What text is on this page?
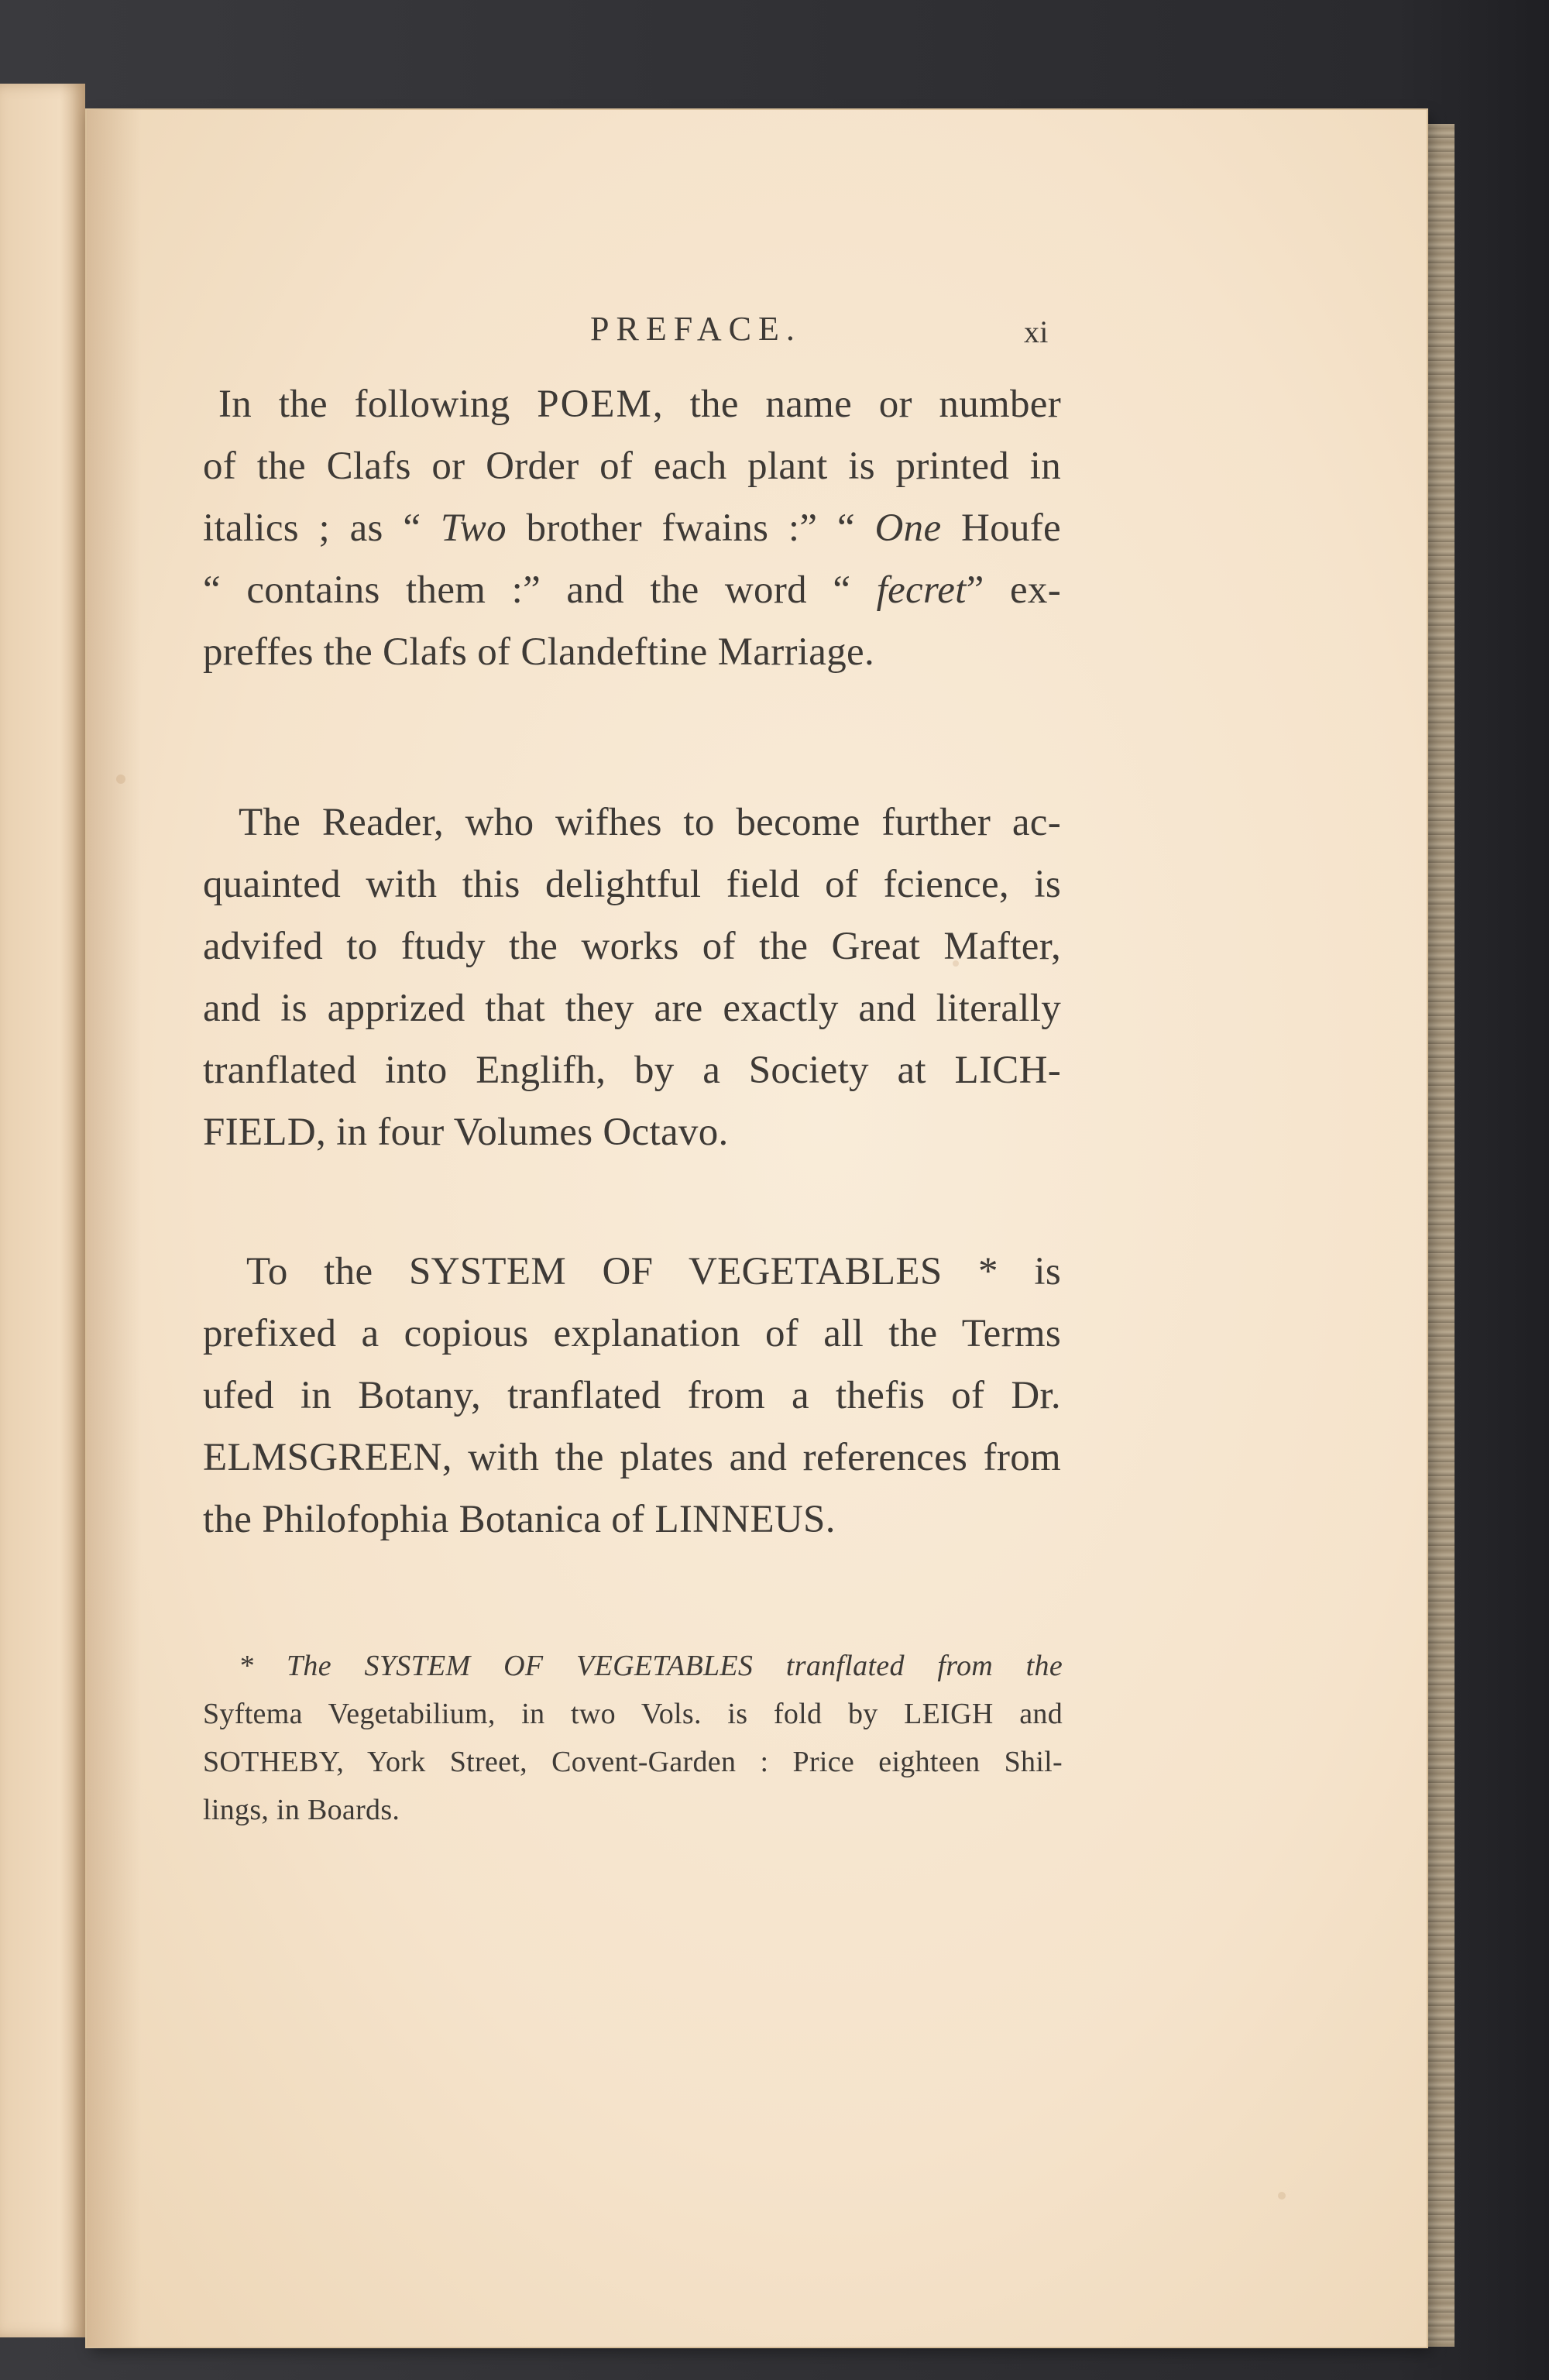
PREFACE.	xi
In the following POEM, the name or number
of the Clafs or Order of each plant is printed in
italics ; as “ Two brother fwains :” “ One Houfe
“ contains them :” and the word “ fecret” ex-
preffes the Clafs of Clandeftine Marriage.
The Reader, who wifhes to become further ac-
quainted with this delightful field of fcience, is
advifed to ftudy the works of the Great Mafter,
and is apprized that they are exactly and literally
tranflated into Englifh, by a Society at LICH-
FIELD, in four Volumes Octavo.
To the SYSTEM OF VEGETABLES * is
prefixed a copious explanation of all the Terms
ufed in Botany, tranflated from a thefis of Dr.
ELMSGREEN, with the plates and references from
the Philofophia Botanica of LINNEUS.
* The SYSTEM OF VEGETABLES tranflated from the
Syftema Vegetabilium, in two Vols. is fold by LEIGH and
SOTHEBY, York Street, Covent-Garden : Price eighteen Shil-
lings, in Boards.
